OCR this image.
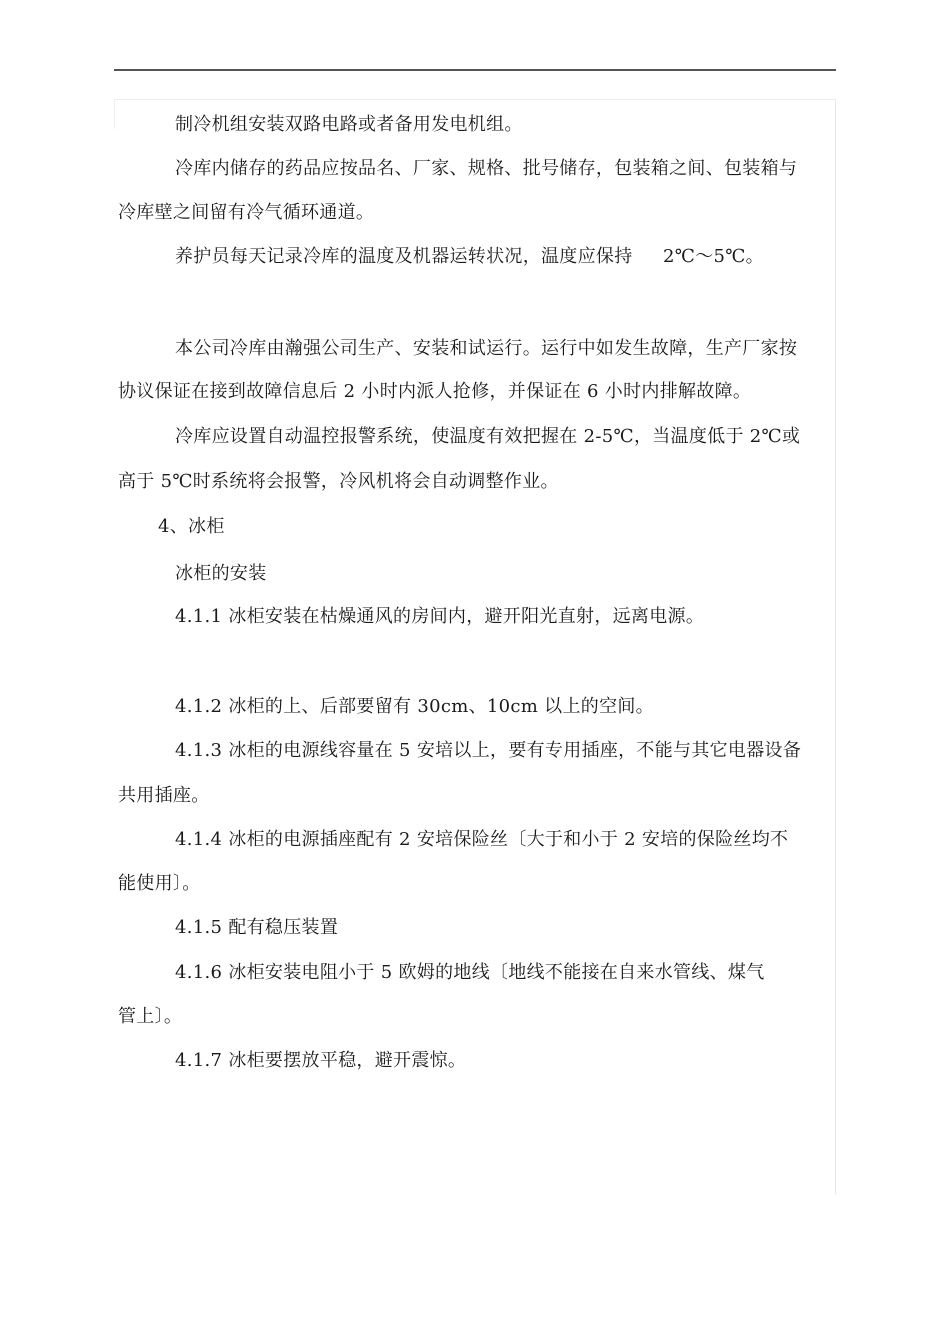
制冷机组安装双路电路或者备用发电机组。

冷库内储存的药品应按品名、厂家、规格、批号储存，包装箱之间、包装箱与

冷库壁之间留有冷气循环通道。

养护员每天记录冷库的温度及机器运转状况，温度应保持 2℃～5℃。

本公司冷库由瀚强公司生产、安装和试运行。运行中如发生故障，生产厂家按

协议保证在接到故障信息后 2 小时内派人抢修，并保证在 6 小时内排解故障。

冷库应设置自动温控报警系统，使温度有效把握在 2-5℃，当温度低于 2℃或

高于 5℃时系统将会报警，冷风机将会自动调整作业。

4、冰柜

冰柜的安装

4.1.1 冰柜安装在枯燥通风的房间内，避开阳光直射，远离电源。

4.1.2 冰柜的上、后部要留有 30cm、10cm 以上的空间。

4.1.3 冰柜的电源线容量在 5 安培以上，要有专用插座，不能与其它电器设备

共用插座。

4.1.4 冰柜的电源插座配有 2 安培保险丝〔大于和小于 2 安培的保险丝均不

能使用〕。

4.1.5 配有稳压装置

4.1.6 冰柜安装电阻小于 5 欧姆的地线〔地线不能接在自来水管线、煤气

管上〕。

4.1.7 冰柜要摆放平稳，避开震惊。
